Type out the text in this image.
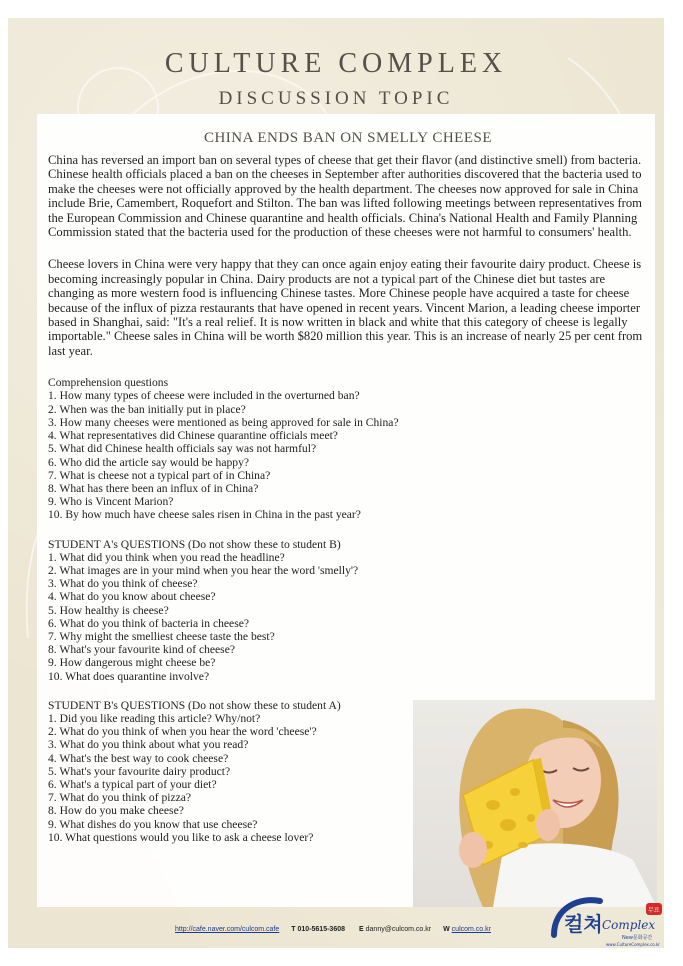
CULTURE COMPLEX
DISCUSSION TOPIC
CHINA ENDS BAN ON SMELLY CHEESE

China has reversed an import ban on several types of cheese that get their flavor (and distinctive smell) from bacteria. Chinese health officials placed a ban on the cheeses in September after authorities discovered that the bacteria used to make the cheeses were not officially approved by the health department. The cheeses now approved for sale in China include Brie, Camembert, Roquefort and Stilton. The ban was lifted following meetings between representatives from the European Commission and Chinese quarantine and health officials. China's National Health and Family Planning Commission stated that the bacteria used for the production of these cheeses were not harmful to consumers' health.

Cheese lovers in China were very happy that they can once again enjoy eating their favourite dairy product. Cheese is becoming increasingly popular in China. Dairy products are not a typical part of the Chinese diet but tastes are changing as more western food is influencing Chinese tastes. More Chinese people have acquired a taste for cheese because of the influx of pizza restaurants that have opened in recent years. Vincent Marion, a leading cheese importer based in Shanghai, said: "It's a real relief. It is now written in black and white that this category of cheese is legally importable." Cheese sales in China will be worth $820 million this year. This is an increase of nearly 25 per cent from last year.

Comprehension questions
1. How many types of cheese were included in the overturned ban?
2. When was the ban initially put in place?
3. How many cheeses were mentioned as being approved for sale in China?
4. What representatives did Chinese quarantine officials meet?
5. What did Chinese health officials say was not harmful?
6. Who did the article say would be happy?
7. What is cheese not a typical part of in China?
8. What has there been an influx of in China?
9. Who is Vincent Marion?
10. By how much have cheese sales risen in China in the past year?
STUDENT A's QUESTIONS (Do not show these to student B)
1. What did you think when you read the headline?
2. What images are in your mind when you hear the word 'smelly'?
3. What do you think of cheese?
4. What do you know about cheese?
5. How healthy is cheese?
6. What do you think of bacteria in cheese?
7. Why might the smelliest cheese taste the best?
8. What's your favourite kind of cheese?
9. How dangerous might cheese be?
10. What does quarantine involve?
STUDENT B's QUESTIONS (Do not show these to student A)
1. Did you like reading this article? Why/not?
2. What do you think of when you hear the word 'cheese'?
3. What do you think about what you read?
4. What's the best way to cook cheese?
5. What's your favourite dairy product?
6. What's a typical part of your diet?
7. What do you think of pizza?
8. How do you make cheese?
9. What dishes do you know that use cheese?
10. What questions would you like to ask a cheese lover?
http://cafe.naver.com/culcom.cafe T 010-5615-3608 E danny@culcom.co.kr W culcom.co.kr	컬쳐 Complex
무료
New문화공간
www.CultureComplex.co.kr
